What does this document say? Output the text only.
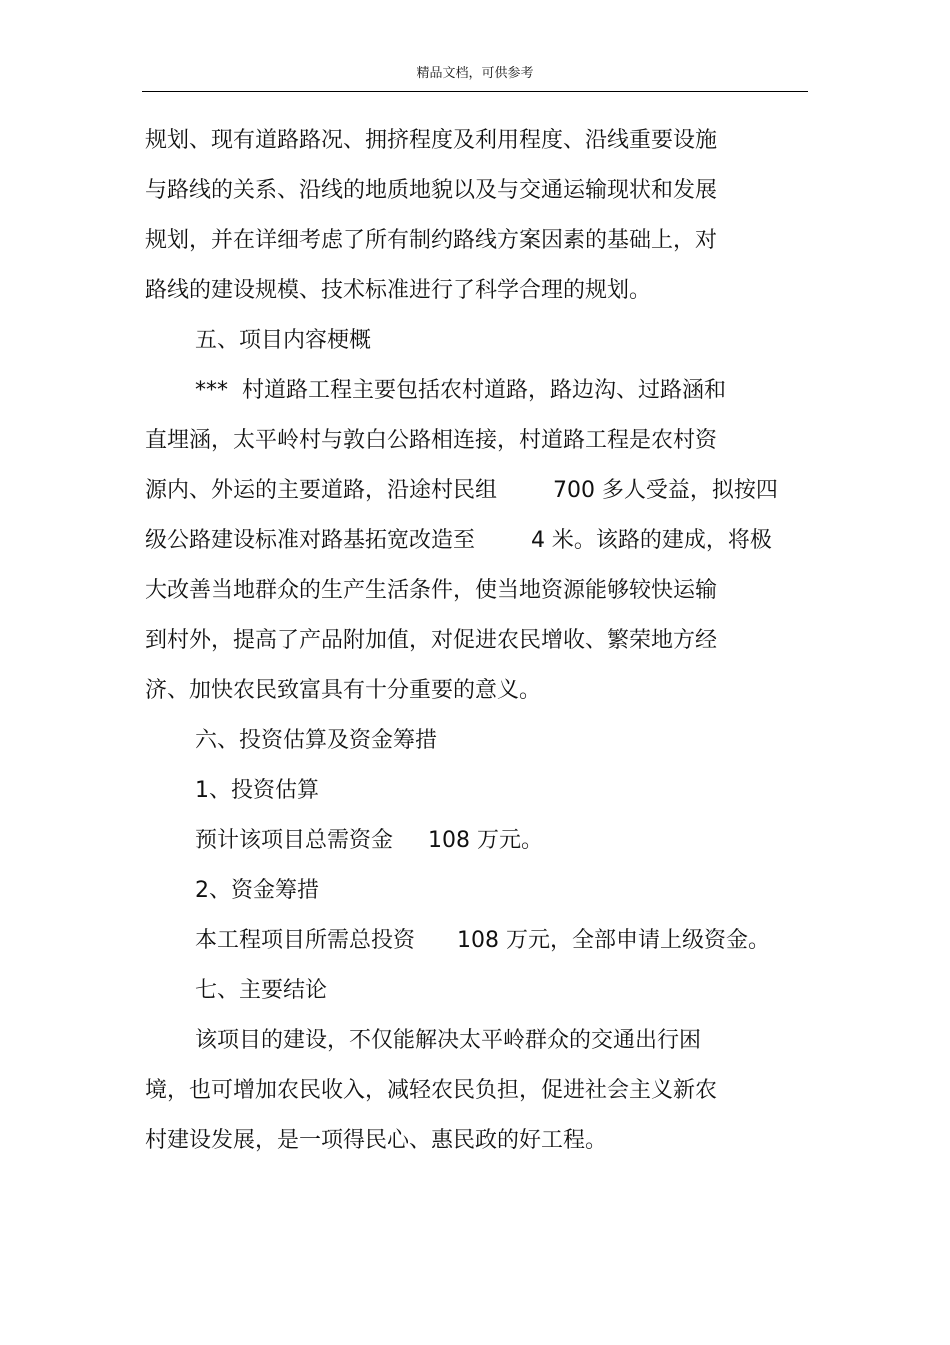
精品文档，可供参考
规划、现有道路路况、拥挤程度及利用程度、沿线重要设施
与路线的关系、沿线的地质地貌以及与交通运输现状和发展
规划，并在详细考虑了所有制约路线方案因素的基础上，对
路线的建设规模、技术标准进行了科学合理的规划。
五、项目内容梗概
***  村道路工程主要包括农村道路，路边沟、过路涵和
直埋涵，太平岭村与敦白公路相连接，村道路工程是农村资
源内、外运的主要道路，沿途村民组        700 多人受益，拟按四
级公路建设标准对路基拓宽改造至        4 米。该路的建成，将极
大改善当地群众的生产生活条件，使当地资源能够较快运输
到村外，提高了产品附加值，对促进农民增收、繁荣地方经
济、加快农民致富具有十分重要的意义。
六、投资估算及资金筹措
1、投资估算
预计该项目总需资金     108 万元。
2、资金筹措
本工程项目所需总投资      108 万元，全部申请上级资金。
七、主要结论
该项目的建设，不仅能解决太平岭群众的交通出行困
境，也可增加农民收入，减轻农民负担，促进社会主义新农
村建设发展，是一项得民心、惠民政的好工程。
